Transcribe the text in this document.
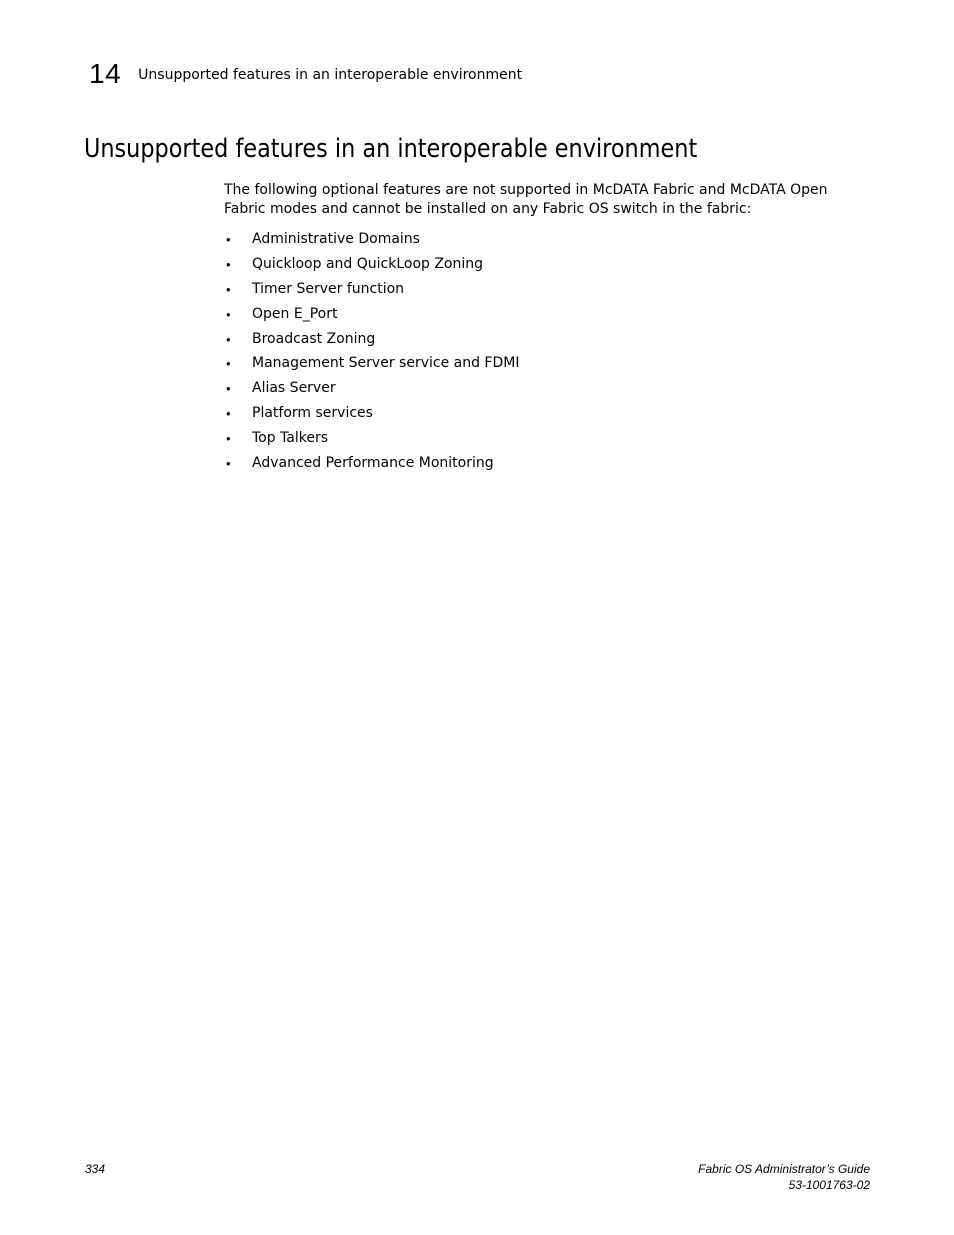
14 Unsupported features in an interoperable environment
Unsupported features in an interoperable environment

The following optional features are not supported in McDATA Fabric and McDATA Open Fabric modes and cannot be installed on any Fabric OS switch in the fabric:

•	Administrative Domains
•	Quickloop and QuickLoop Zoning
•	Timer Server function
•	Open E_Port
•	Broadcast Zoning
•	Management Server service and FDMI
•	Alias Server
•	Platform services
•	Top Talkers
•	Advanced Performance Monitoring
334	Fabric OS Administrator’s Guide
53-1001763-02
